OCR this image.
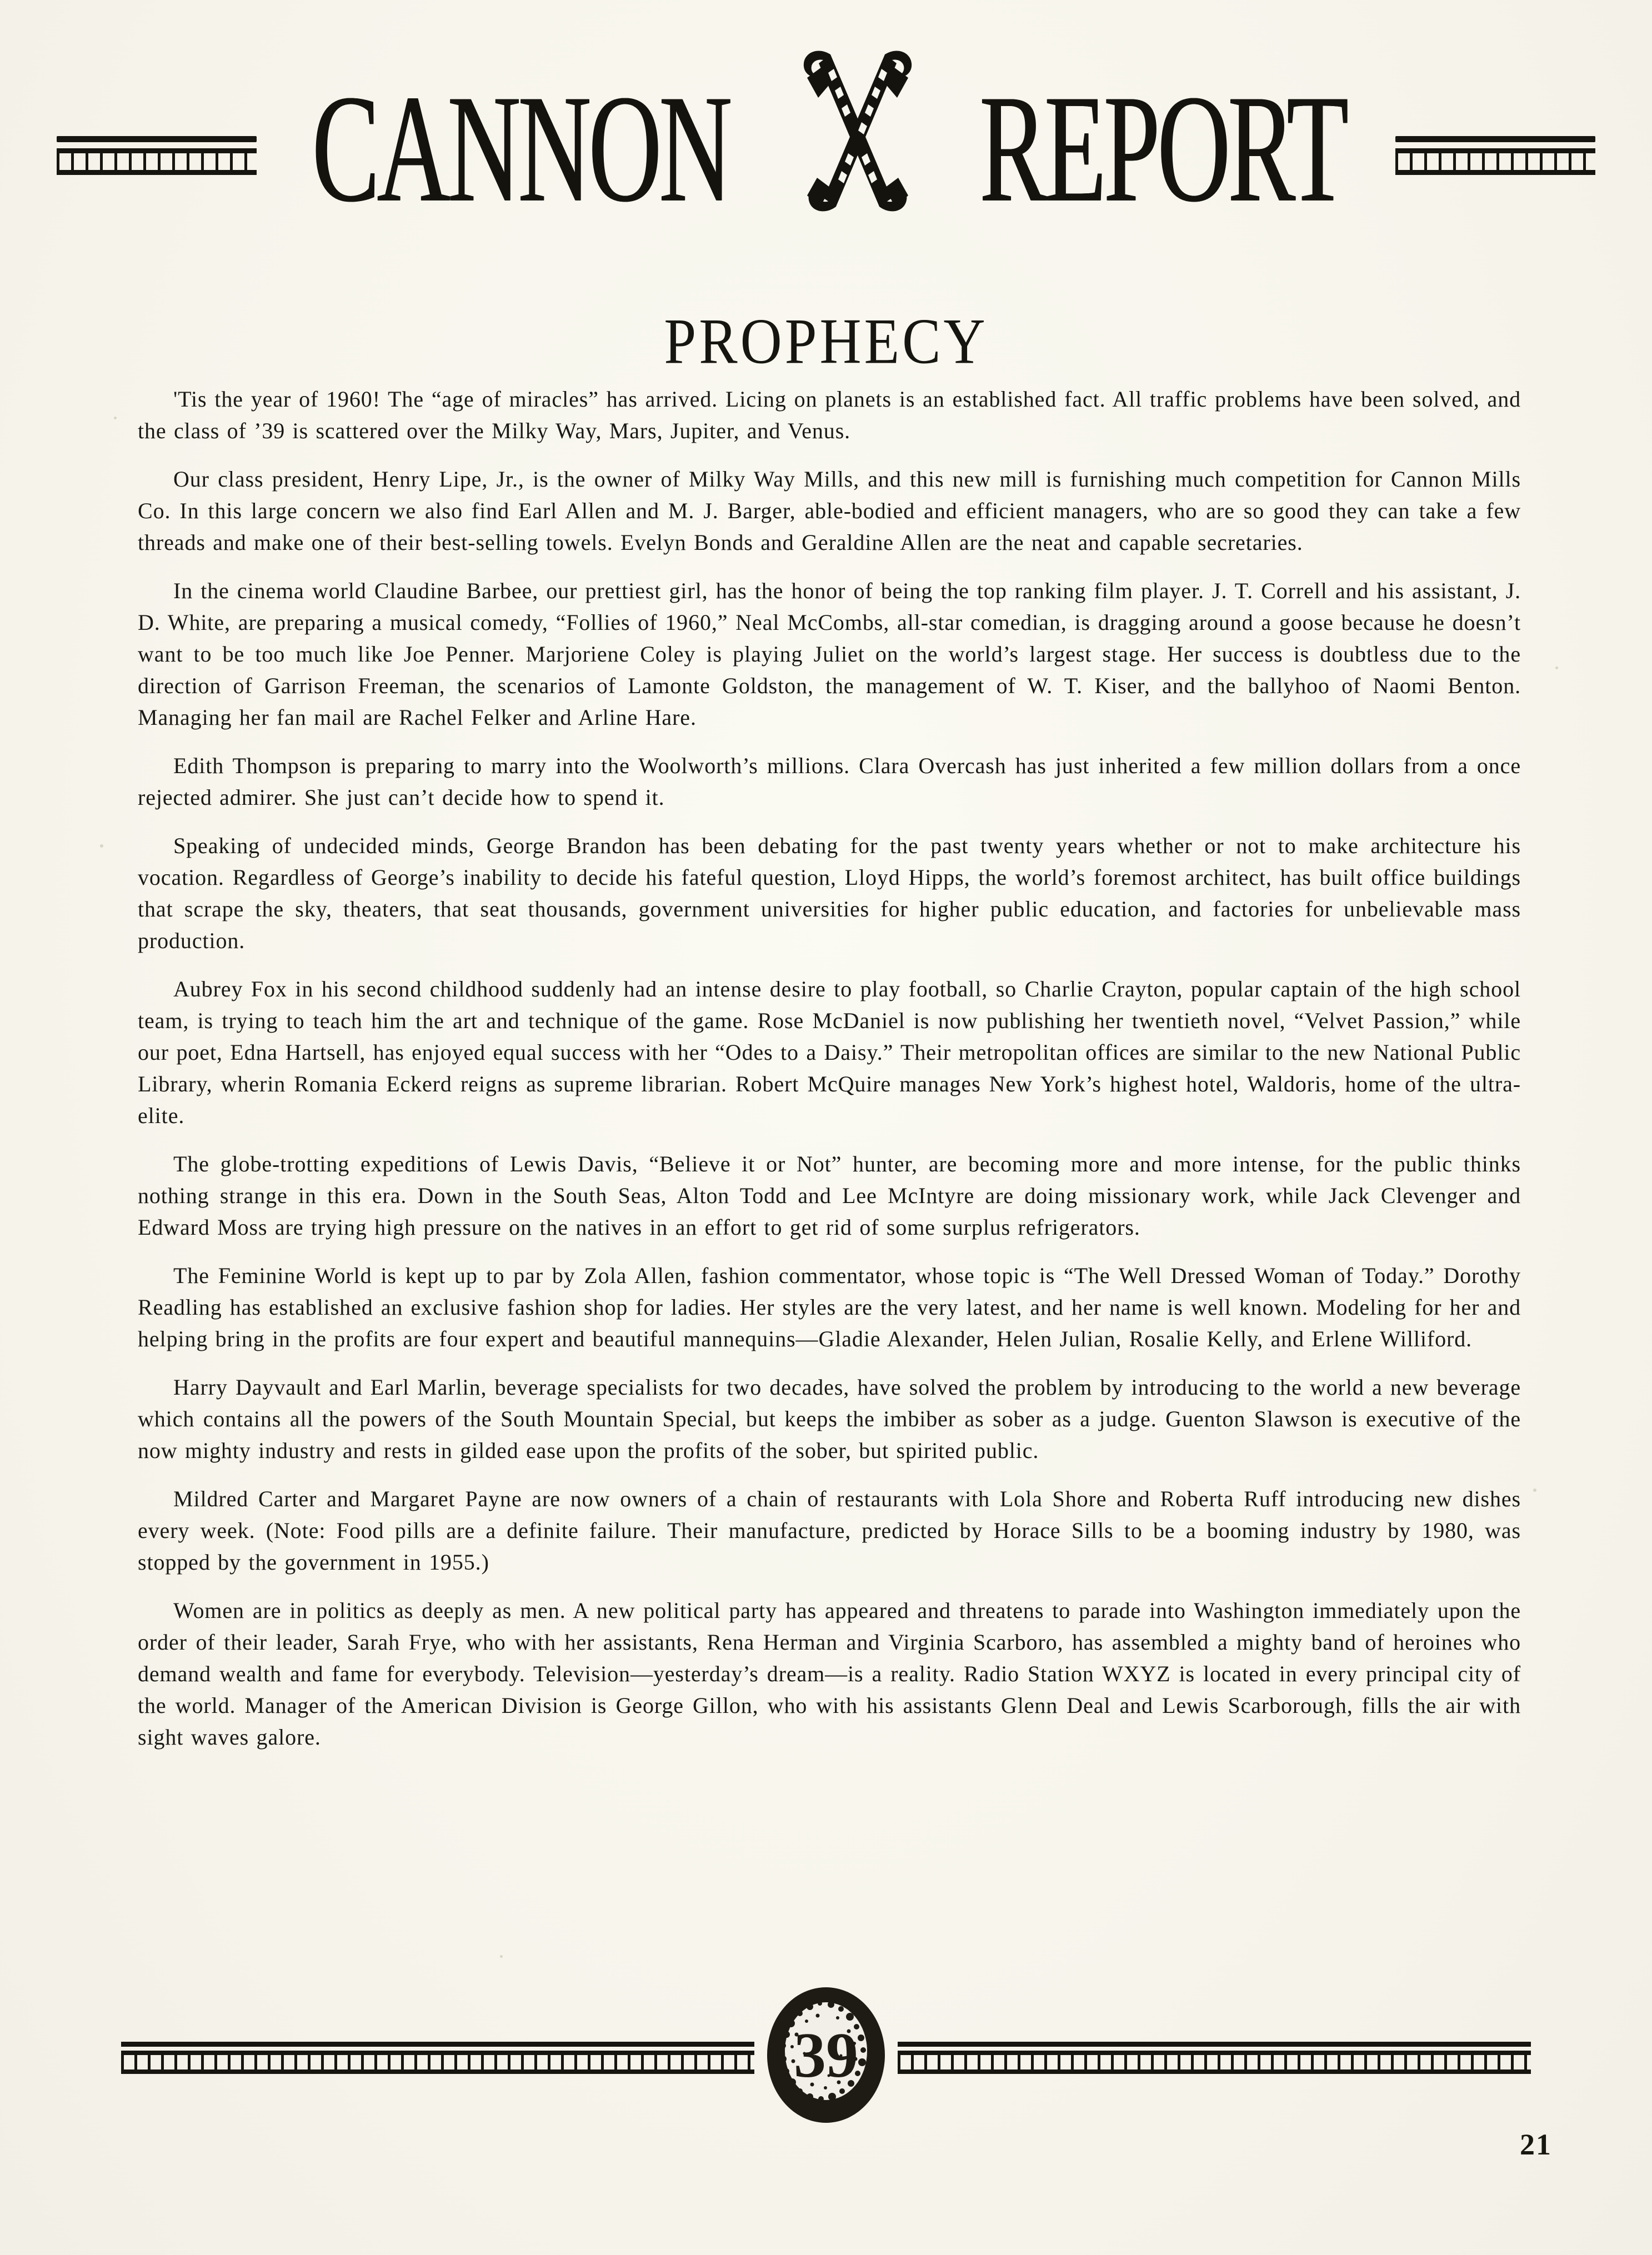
CANNON REPORT
PROPHECY

'Tis the year of 1960! The “age of miracles” has arrived. Licing on planets is an established fact. All traffic problems have been solved, and the class of ’39 is scattered over the Milky Way, Mars, Jupiter, and Venus.

Our class president, Henry Lipe, Jr., is the owner of Milky Way Mills, and this new mill is furnishing much competition for Cannon Mills Co. In this large concern we also find Earl Allen and M. J. Barger, able-bodied and efficient managers, who are so good they can take a few threads and make one of their best-selling towels. Evelyn Bonds and Geraldine Allen are the neat and capable secretaries.

In the cinema world Claudine Barbee, our prettiest girl, has the honor of being the top ranking film player. J. T. Correll and his assistant, J. D. White, are preparing a musical comedy, “Follies of 1960,” Neal McCombs, all-star comedian, is dragging around a goose because he doesn’t want to be too much like Joe Penner. Marjoriene Coley is playing Juliet on the world’s largest stage. Her success is doubtless due to the direction of Garrison Freeman, the scenarios of Lamonte Goldston, the management of W. T. Kiser, and the ballyhoo of Naomi Benton. Managing her fan mail are Rachel Felker and Arline Hare.

Edith Thompson is preparing to marry into the Woolworth’s millions. Clara Overcash has just inherited a few million dollars from a once rejected admirer. She just can’t decide how to spend it.

Speaking of undecided minds, George Brandon has been debating for the past twenty years whether or not to make architecture his vocation. Regardless of George’s inability to decide his fateful question, Lloyd Hipps, the world’s foremost architect, has built office buildings that scrape the sky, theaters, that seat thousands, government universities for higher public education, and factories for unbelievable mass production.

Aubrey Fox in his second childhood suddenly had an intense desire to play football, so Charlie Crayton, popular captain of the high school team, is trying to teach him the art and technique of the game. Rose McDaniel is now publishing her twentieth novel, “Velvet Passion,” while our poet, Edna Hartsell, has enjoyed equal success with her “Odes to a Daisy.” Their metropolitan offices are similar to the new National Public Library, wherin Romania Eckerd reigns as supreme librarian. Robert McQuire manages New York’s highest hotel, Waldoris, home of the ultra-elite.

The globe-trotting expeditions of Lewis Davis, “Believe it or Not” hunter, are becoming more and more intense, for the public thinks nothing strange in this era. Down in the South Seas, Alton Todd and Lee McIntyre are doing missionary work, while Jack Clevenger and Edward Moss are trying high pressure on the natives in an effort to get rid of some surplus refrigerators.

The Feminine World is kept up to par by Zola Allen, fashion commentator, whose topic is “The Well Dressed Woman of Today.” Dorothy Readling has established an exclusive fashion shop for ladies. Her styles are the very latest, and her name is well known. Modeling for her and helping bring in the profits are four expert and beautiful mannequins—Gladie Alexander, Helen Julian, Rosalie Kelly, and Erlene Williford.

Harry Dayvault and Earl Marlin, beverage specialists for two decades, have solved the problem by introducing to the world a new beverage which contains all the powers of the South Mountain Special, but keeps the imbiber as sober as a judge. Guenton Slawson is executive of the now mighty industry and rests in gilded ease upon the profits of the sober, but spirited public.

Mildred Carter and Margaret Payne are now owners of a chain of restaurants with Lola Shore and Roberta Ruff introducing new dishes every week. (Note: Food pills are a definite failure. Their manufacture, predicted by Horace Sills to be a booming industry by 1980, was stopped by the government in 1955.)

Women are in politics as deeply as men. A new political party has appeared and threatens to parade into Washington immediately upon the order of their leader, Sarah Frye, who with her assistants, Rena Herman and Virginia Scarboro, has assembled a mighty band of heroines who demand wealth and fame for everybody. Television—yesterday’s dream—is a reality. Radio Station WXYZ is located in every principal city of the world. Manager of the American Division is George Gillon, who with his assistants Glenn Deal and Lewis Scarborough, fills the air with sight waves galore.

39
21
